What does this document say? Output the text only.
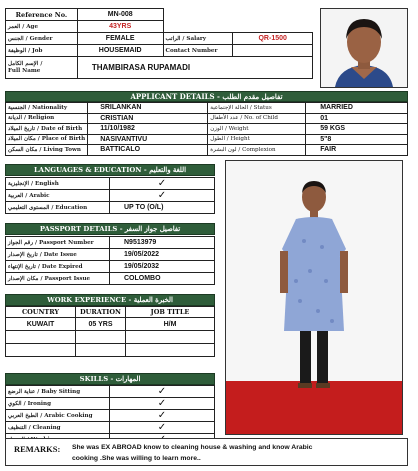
Reference No.	MN-008		
العمر / Age	43YRS		
الجنس / Gender	FEMALE	الراتب / Salary	QR-1500
الوظيفة / Job	HOUSEMAID	Contact Number	

الإسم الكامل /
Full Name	THAMBIRASA RUPAMADI		
APPLICANT DETAILS - تفاصيل مقدم الطلب
الجنسية / Nationality	SRILANKAN	الحالة الإجتماعية / Status	MARRIED
الديانة / Religion	CRISTIAN	عدد الأطفال / No. of Child	01
تاريخ الميلاد / Date of Birth	11/10/1982	الوزن / Weight	59 KGS
مكان الميلاد / Place of Birth	NASIVANTIVU	الطول / Height	5"8
مكان السكن / Living Town	BATTICALO	لون البشرة / Complexion	FAIR
LANGUAGES & EDUCATION - اللغة والتعليم
الإنجليزية / English	✓
العربية / Arabic	✓
المستوى التعليمي / Education	UP TO (O/L)
PASSPORT DETAILS - تفاصيل جواز السفر
رقم الجواز / Passport Number	N9513979
تاريخ الإصدار / Date Issue	19/05/2022
تاريخ الإنتهاء / Date Expired	19/05/2032
مكان الإصدار / Passport Issue	COLOMBO
WORK EXPERIENCE - الخبرة العملية
COUNTRY	DURATION	JOB TITLE
KUWAIT	05 YRS	H/M

SKILLS - المهارات
عناية الرضع / Baby Sitting	✓
الكوي / Ironing	✓
الطبخ العربي / Arabic Cooking	✓
التنظيف / Cleaning	✓

REMARKS: She was EX ABROAD know to cleaning house & washing and know Arabic
cooking .She was willing to learn more..
